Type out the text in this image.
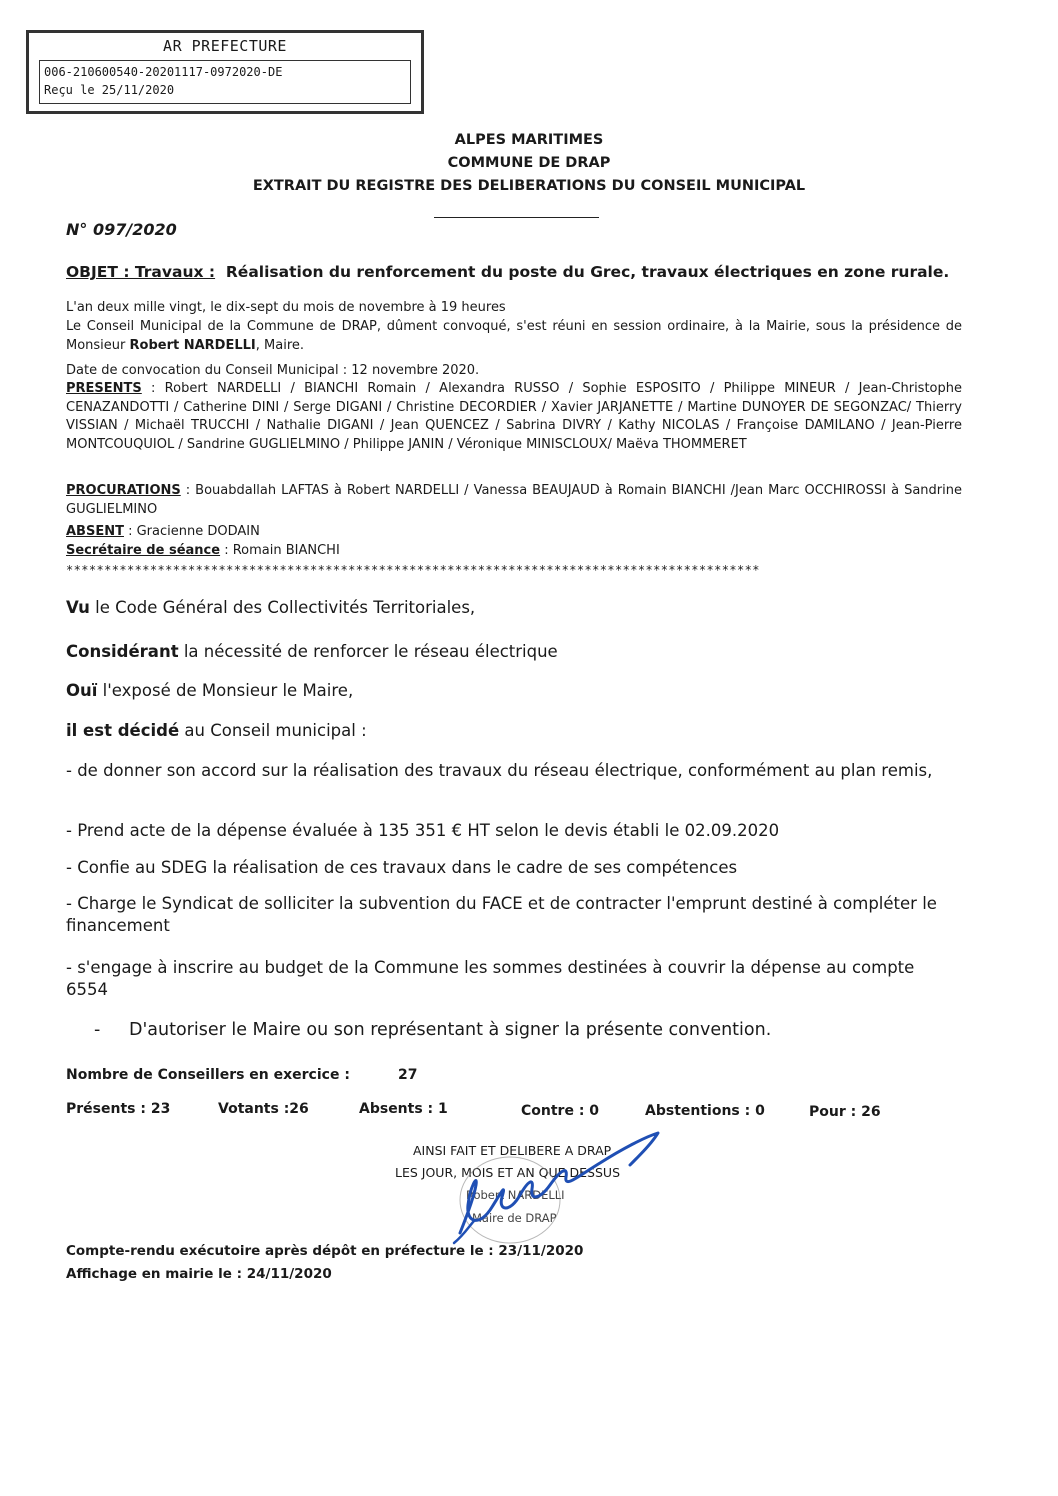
AR PREFECTURE
006-210600540-20201117-0972020-DE
Reçu le 25/11/2020
ALPES MARITIMES
COMMUNE DE DRAP
EXTRAIT DU REGISTRE DES DELIBERATIONS DU CONSEIL MUNICIPAL
N° 097/2020
OBJET : Travaux : Réalisation du renforcement du poste du Grec, travaux électriques en zone rurale.
L'an deux mille vingt, le dix-sept du mois de novembre à 19 heures
Le Conseil Municipal de la Commune de DRAP, dûment convoqué, s'est réuni en session ordinaire, à la Mairie, sous la présidence de Monsieur Robert NARDELLI, Maire.
Date de convocation du Conseil Municipal : 12 novembre 2020.
PRESENTS : Robert NARDELLI / BIANCHI Romain / Alexandra RUSSO / Sophie ESPOSITO / Philippe MINEUR / Jean-Christophe CENAZANDOTTI / Catherine DINI / Serge DIGANI / Christine DECORDIER / Xavier JARJANETTE / Martine DUNOYER DE SEGONZAC/ Thierry VISSIAN / Michaël TRUCCHI / Nathalie DIGANI / Jean QUENCEZ / Sabrina DIVRY / Kathy NICOLAS / Françoise DAMILANO / Jean-Pierre MONTCOUQUIOL / Sandrine GUGLIELMINO / Philippe JANIN / Véronique MINISCLOUX/ Maëva THOMMERET
PROCURATIONS : Bouabdallah LAFTAS à Robert NARDELLI / Vanessa BEAUJAUD à Romain BIANCHI /Jean Marc OCCHIROSSI à Sandrine GUGLIELMINO
ABSENT : Gracienne DODAIN
Secrétaire de séance : Romain BIANCHI
*******************************************************************************************
Vu le Code Général des Collectivités Territoriales,
Considérant la nécessité de renforcer le réseau électrique
Ouï l'exposé de Monsieur le Maire,
il est décidé au Conseil municipal :
- de donner son accord sur la réalisation des travaux du réseau électrique, conformément au plan remis,
- Prend acte de la dépense évaluée à 135 351 € HT selon le devis établi le 02.09.2020
- Confie au SDEG la réalisation de ces travaux dans le cadre de ses compétences
- Charge le Syndicat de solliciter la subvention du FACE et de contracter l'emprunt destiné à compléter le financement
- s'engage à inscrire au budget de la Commune les sommes destinées à couvrir la dépense au compte 6554
-	D'autoriser le Maire ou son représentant à signer la présente convention.
Nombre de Conseillers en exercice :	27
Présents : 23	Votants :26	Absents : 1	Contre : 0	Abstentions : 0	Pour : 26
AINSI FAIT ET DELIBERE A DRAP
LES JOUR, MOIS ET AN QUE DESSUS
Robert NARDELLI
Maire de DRAP
Compte-rendu exécutoire après dépôt en préfecture le : 23/11/2020
Affichage en mairie le : 24/11/2020
